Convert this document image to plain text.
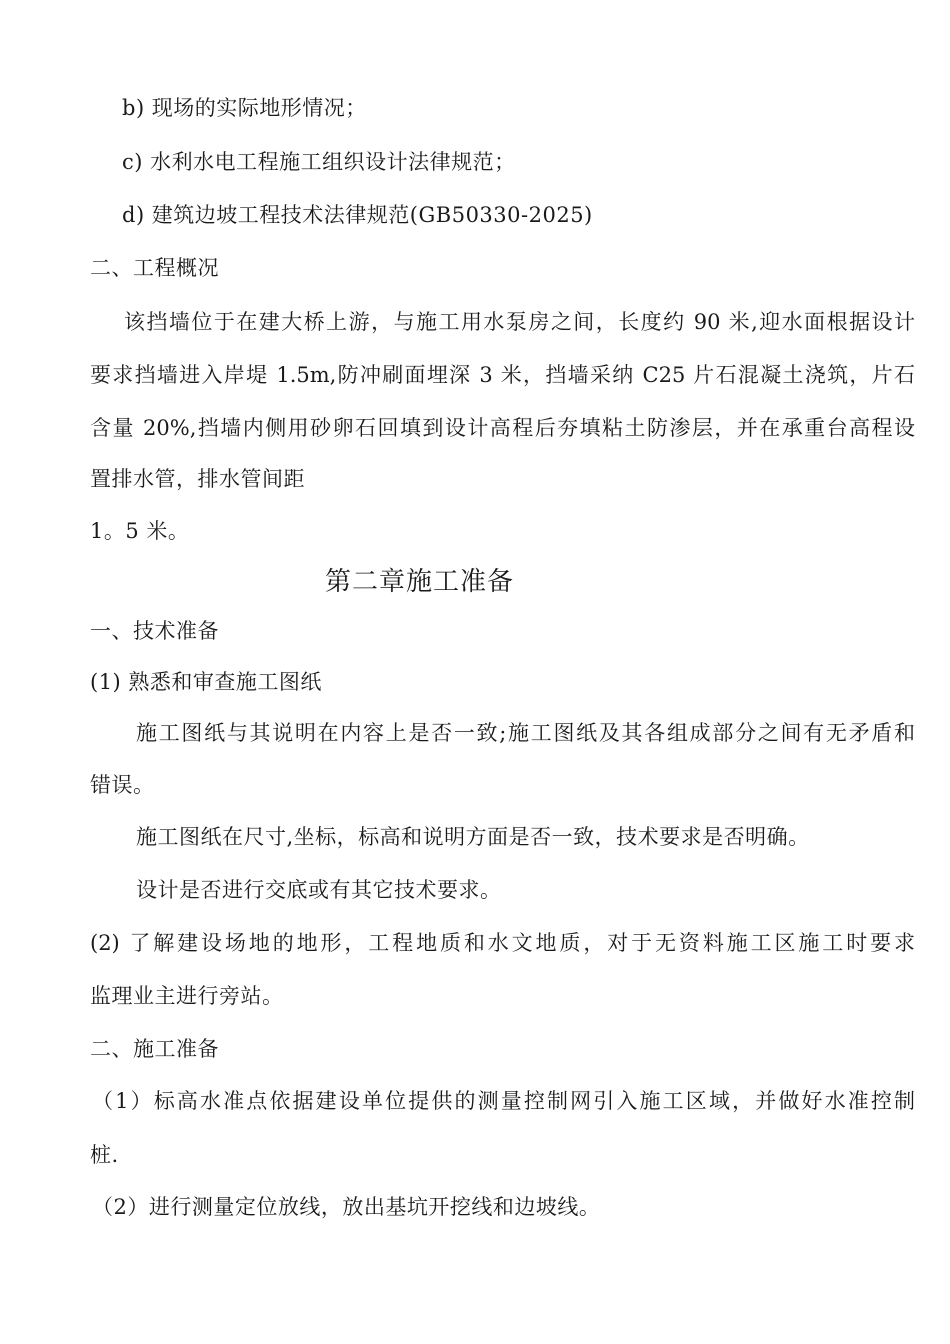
b) 现场的实际地形情况；
c) 水利水电工程施工组织设计法律规范；
d) 建筑边坡工程技术法律规范(GB50330-2025)
二、工程概况
该挡墙位于在建大桥上游，与施工用水泵房之间，长度约 90 米,迎水面根据设计
要求挡墙进入岸堤 1.5m,防冲刷面埋深 3 米，挡墙采纳 C25 片石混凝土浇筑，片石
含量 20%,挡墙内侧用砂卵石回填到设计高程后夯填粘土防渗层，并在承重台高程设
置排水管，排水管间距
1。5 米。
第二章施工准备
一、技术准备
(1) 熟悉和审查施工图纸
施工图纸与其说明在内容上是否一致;施工图纸及其各组成部分之间有无矛盾和
错误。
施工图纸在尺寸,坐标，标高和说明方面是否一致，技术要求是否明确。
设计是否进行交底或有其它技术要求。
(2) 了解建设场地的地形，工程地质和水文地质，对于无资料施工区施工时要求
监理业主进行旁站。
二、施工准备
（1）标高水准点依据建设单位提供的测量控制网引入施工区域，并做好水准控制
桩.
（2）进行测量定位放线，放出基坑开挖线和边坡线。
